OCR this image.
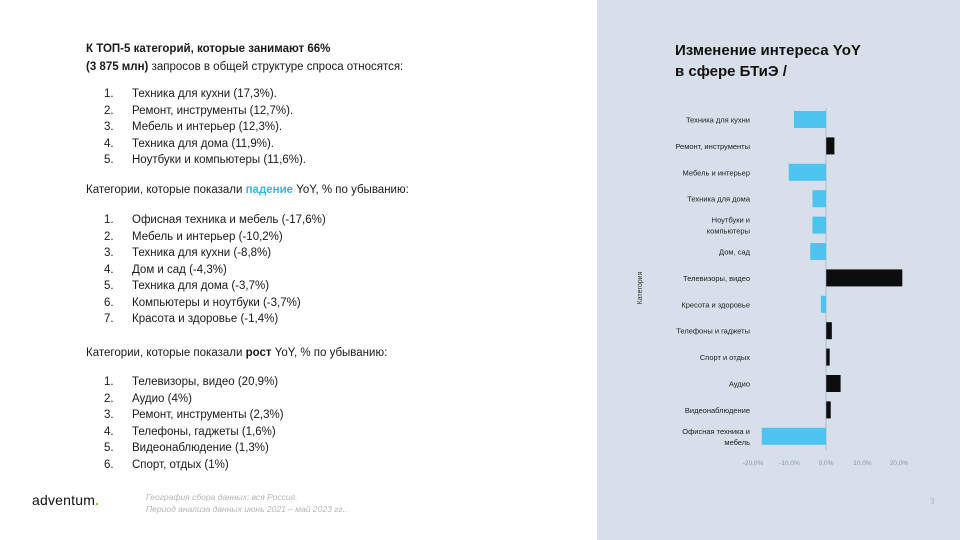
К ТОП-5 категорий, которые занимают 66%
(3 875 млн) запросов в общей структуре спроса относятся:
1.	Техника для кухни (17,3%).
2.	Ремонт, инструменты (12,7%).
3.	Мебель и интерьер (12,3%).
4.	Техника для дома (11,9%).
5.	Ноутбуки и компьютеры (11,6%).
Категории, которые показали падение YoY, % по убыванию:
1.	Офисная техника и мебель (-17,6%)
2.	Мебель и интерьер (-10,2%)
3.	Техника для кухни (-8,8%)
4.	Дом и сад (-4,3%)
5.	Техника для дома (-3,7%)
6.	Компьютеры и ноутбуки (-3,7%)
7.	Красота и здоровье (-1,4%)
Категории, которые показали рост YoY, % по убыванию:
1.	Телевизоры, видео (20,9%)
2.	Аудио (4%)
3.	Ремонт, инструменты (2,3%)
4.	Телефоны, гаджеты (1,6%)
5.	Видеонаблюдение (1,3%)
6.	Спорт, отдых (1%)
adventum.	География сбора данных: вся Россия.
Период анализа данных июнь 2021 – май 2023 гг..
Изменение интереса YoY
в сфере БТиЭ /
Техника для кухни
Ремонт, инструменты
Мебель и интерьер
Техника для дома
Ноутбуки и
компьютеры
Дом, сад
Телевизоры, видео
Кресота и здоровье
Телефоны и гаджеты
Спорт и отдых
Аудио
Видеонаблюдение
Офисная техника и
мебель
-20,0% -10,0%	0,0%	10,0%	20,0%
Категория
3
